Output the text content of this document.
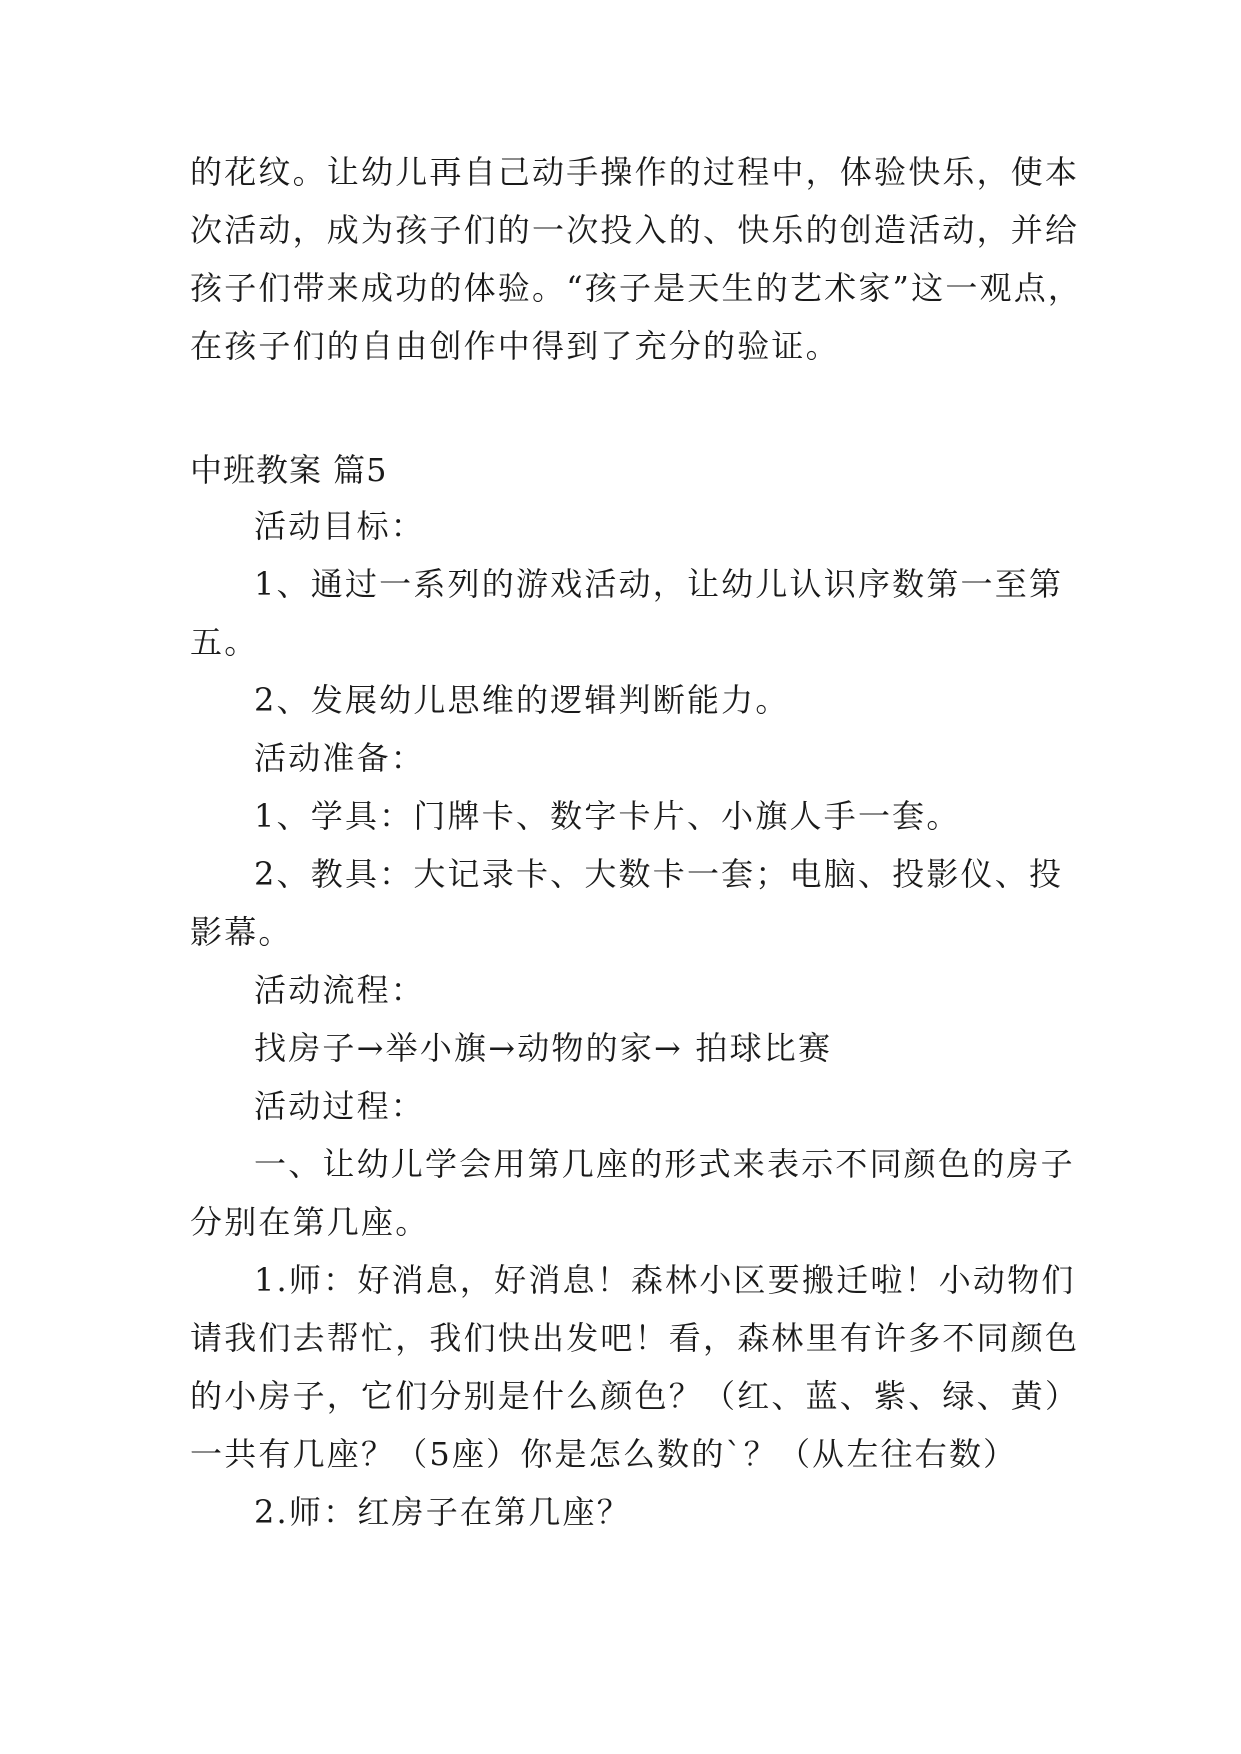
的花纹。让幼儿再自己动手操作的过程中，体验快乐，使本
次活动，成为孩子们的一次投入的、快乐的创造活动，并给
孩子们带来成功的体验。“孩子是天生的艺术家”这一观点，
在孩子们的自由创作中得到了充分的验证。
中班教案 篇5
活动目标：
1、通过一系列的游戏活动，让幼儿认识序数第一至第
五。
2、发展幼儿思维的逻辑判断能力。
活动准备：
1、学具：门牌卡、数字卡片、小旗人手一套。
2、教具：大记录卡、大数卡一套；电脑、投影仪、投
影幕。
活动流程：
找房子→举小旗→动物的家→ 拍球比赛
活动过程：
一、让幼儿学会用第几座的形式来表示不同颜色的房子
分别在第几座。
1.师：好消息，好消息！森林小区要搬迁啦！小动物们
请我们去帮忙，我们快出发吧！看，森林里有许多不同颜色
的小房子，它们分别是什么颜色？（红、蓝、紫、绿、黄）
一共有几座？（5座）你是怎么数的`？（从左往右数）
2.师：红房子在第几座？
